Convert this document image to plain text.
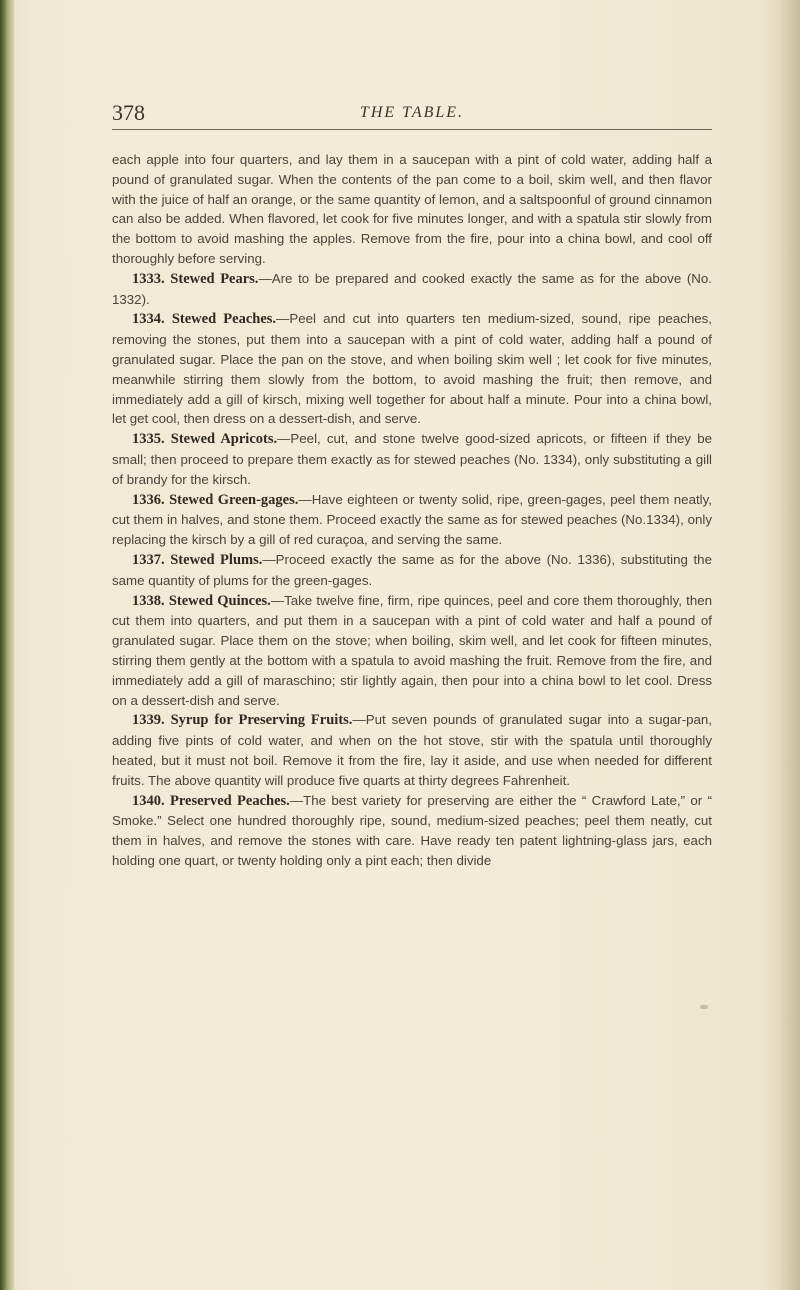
378	THE TABLE.

each apple into four quarters, and lay them in a saucepan with a pint of cold water, adding half a pound of granulated sugar. When the contents of the pan come to a boil, skim well, and then flavor with the juice of half an orange, or the same quantity of lemon, and a saltspoonful of ground cinnamon can also be added. When flavored, let cook for five minutes longer, and with a spatula stir slowly from the bottom to avoid mashing the apples. Remove from the fire, pour into a china bowl, and cool off thoroughly before serving.

1333. Stewed Pears.—Are to be prepared and cooked exactly the same as for the above (No. 1332).

1334. Stewed Peaches.—Peel and cut into quarters ten medium-sized, sound, ripe peaches, removing the stones, put them into a saucepan with a pint of cold water, adding half a pound of granulated sugar. Place the pan on the stove, and when boiling skim well ; let cook for five minutes, meanwhile stirring them slowly from the bottom, to avoid mashing the fruit; then remove, and immediately add a gill of kirsch, mixing well together for about half a minute. Pour into a china bowl, let get cool, then dress on a dessert-dish, and serve.

1335. Stewed Apricots.—Peel, cut, and stone twelve good-sized apricots, or fifteen if they be small; then proceed to prepare them exactly as for stewed peaches (No. 1334), only substituting a gill of brandy for the kirsch.

1336. Stewed Green-gages.—Have eighteen or twenty solid, ripe, green-gages, peel them neatly, cut them in halves, and stone them. Proceed exactly the same as for stewed peaches (No.1334), only replacing the kirsch by a gill of red curaçoa, and serving the same.

1337. Stewed Plums.—Proceed exactly the same as for the above (No. 1336), substituting the same quantity of plums for the green-gages.

1338. Stewed Quinces.—Take twelve fine, firm, ripe quinces, peel and core them thoroughly, then cut them into quarters, and put them in a saucepan with a pint of cold water and half a pound of granulated sugar. Place them on the stove; when boiling, skim well, and let cook for fifteen minutes, stirring them gently at the bottom with a spatula to avoid mashing the fruit. Remove from the fire, and immediately add a gill of maraschino; stir lightly again, then pour into a china bowl to let cool. Dress on a dessert-dish and serve.

1339. Syrup for Preserving Fruits.—Put seven pounds of granulated sugar into a sugar-pan, adding five pints of cold water, and when on the hot stove, stir with the spatula until thoroughly heated, but it must not boil. Remove it from the fire, lay it aside, and use when needed for different fruits. The above quantity will produce five quarts at thirty degrees Fahrenheit.

1340. Preserved Peaches.—The best variety for preserving are either the “ Crawford Late,” or “ Smoke.” Select one hundred thoroughly ripe, sound, medium-sized peaches; peel them neatly, cut them in halves, and remove the stones with care. Have ready ten patent lightning-glass jars, each holding one quart, or twenty holding only a pint each; then divide
